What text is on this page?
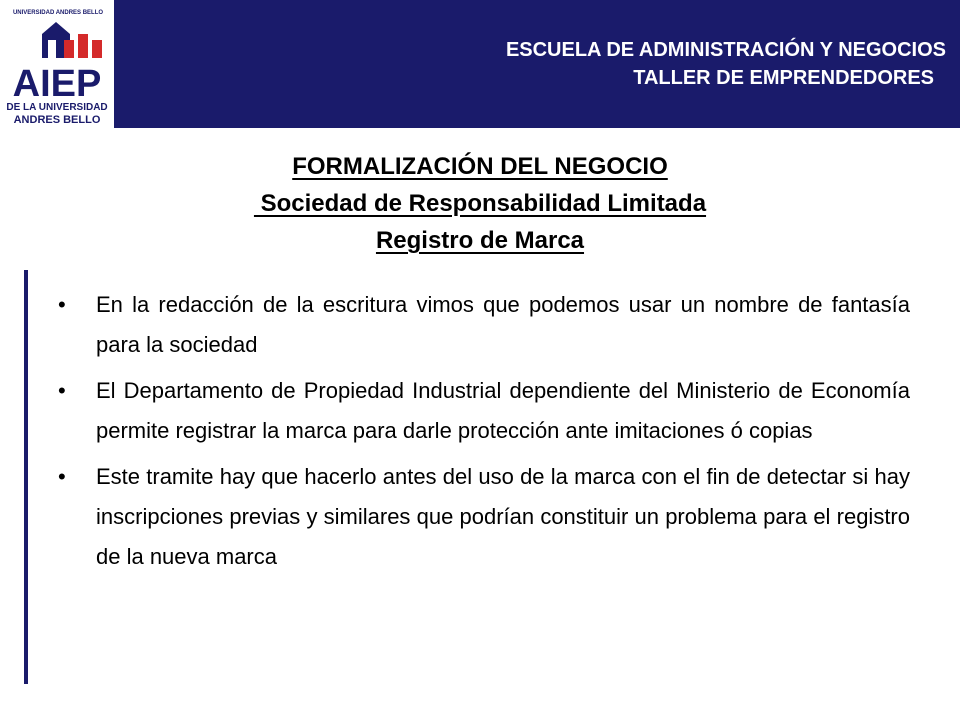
UNIVERSIDAD ANDRES BELLO
AIEP
DE LA UNIVERSIDAD
ANDRES BELLO
ESCUELA DE ADMINISTRACIÓN Y NEGOCIOS
TALLER DE EMPRENDEDORES
FORMALIZACIÓN DEL NEGOCIO
Sociedad de Responsabilidad Limitada
Registro de Marca
•	En la redacción de la escritura vimos que podemos usar un nombre de fantasía para la sociedad
•	El Departamento de Propiedad Industrial dependiente del Ministerio de Economía permite registrar la marca para darle protección ante imitaciones ó copias
•	Este tramite hay que hacerlo antes del uso de la marca con el fin de detectar si hay inscripciones previas y similares que podrían constituir un problema para el registro de la nueva marca
